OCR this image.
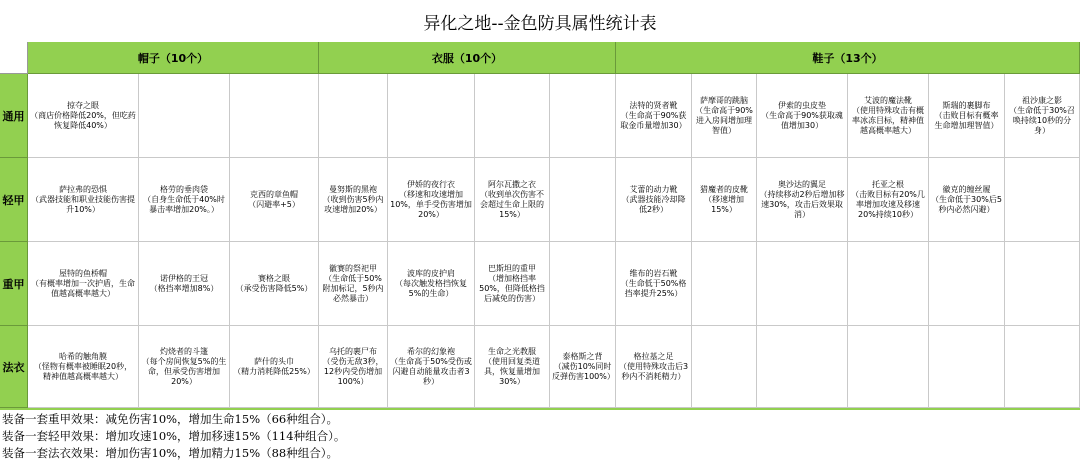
异化之地--金色防具属性统计表
帽子（10个）	衣服（10个）	鞋子（13个）
通用
轻甲
重甲
法衣
掠夺之眼
（商店价格降低20%，但吃药恢复降低40%）
法特的贤者靴
（生命高于90%获取金币量增加30）
萨摩哥的跳脑
（生命高于90%进入房间增加理智值）
伊索的虫皮垫
（生命高于90%获取魂值增加30）
艾波的魔法靴
（使用特殊攻击有概率冰冻目标，精神值越高概率越大）
斯瑞的裹脚布
（击败目标有概率生命增加理智值）
祖沙康之影
（生命低于30%召唤持续10秒的分身）
萨拉弗的恐惧
（武器技能和职业技能伤害提升10%）
格劳的垂肉袋
（自身生命低于40%时暴击率增加20%。）
克西的章鱼帽
（闪避率+5）
曼努斯的黑袍
（收到伤害5秒内攻速增加20%）
伊娇的夜行衣
（移速和攻速增加10%，单手受伤害增加20%）
阿尔瓦撒之衣
（收到单次伤害不会超过生命上限的15%）
艾蕾的动力靴
（武器技能冷却降低2秒）
猎魔者的皮靴
（移速增加15%）
奥沙达的翼足
（持续移动2秒后增加移速30%，攻击后效果取消）
托亚之根
（击败目标有20%几率增加攻速及移速20%持续10秒）
徽克的缠丝履
（生命低于30%后5秒内必然闪避）
屋特的鱼桥帽
（有概率增加一次护盾，生命值越高概率越大）
诺伊格的王冠
（格挡率增加8%）
赛格之眼
（承受伤害降低5%）
徽赛的祭祀甲
（生命低于50%附加标记，5秒内必然暴击）
波库的皮护肩
（每次触发格挡恢复5%的生命）
巴斯坦的重甲
（增加格挡率50%，但降低格挡后减免的伤害）
维布的岩石靴
（生命低于50%格挡率提升25%）
哈希的触角膜
（怪物有概率被睡眠20秒，精神值越高概率越大）
灼烧者的斗篷
（每个房间恢复5%的生命，但承受伤害增加20%）
萨什的头巾
（精力消耗降低25%）
乌托的裹尸布
（受伤无敌3秒，12秒内受伤增加100%）
希尔的幻象袍
（生命高于50%受伤或闪避自动能量攻击者3秒）
生命之光教服
（使用回复类道具，恢复量增加30%）
泰格斯之背
（减伤10%同时反弹伤害100%）
格拉基之足
（使用特殊攻击后3秒内不消耗精力）
装备一套重甲效果：减免伤害10%，增加生命15%（66种组合）。
装备一套轻甲效果：增加攻速10%，增加移速15%（114种组合）。
装备一套法衣效果：增加伤害10%，增加精力15%（88种组合）。
